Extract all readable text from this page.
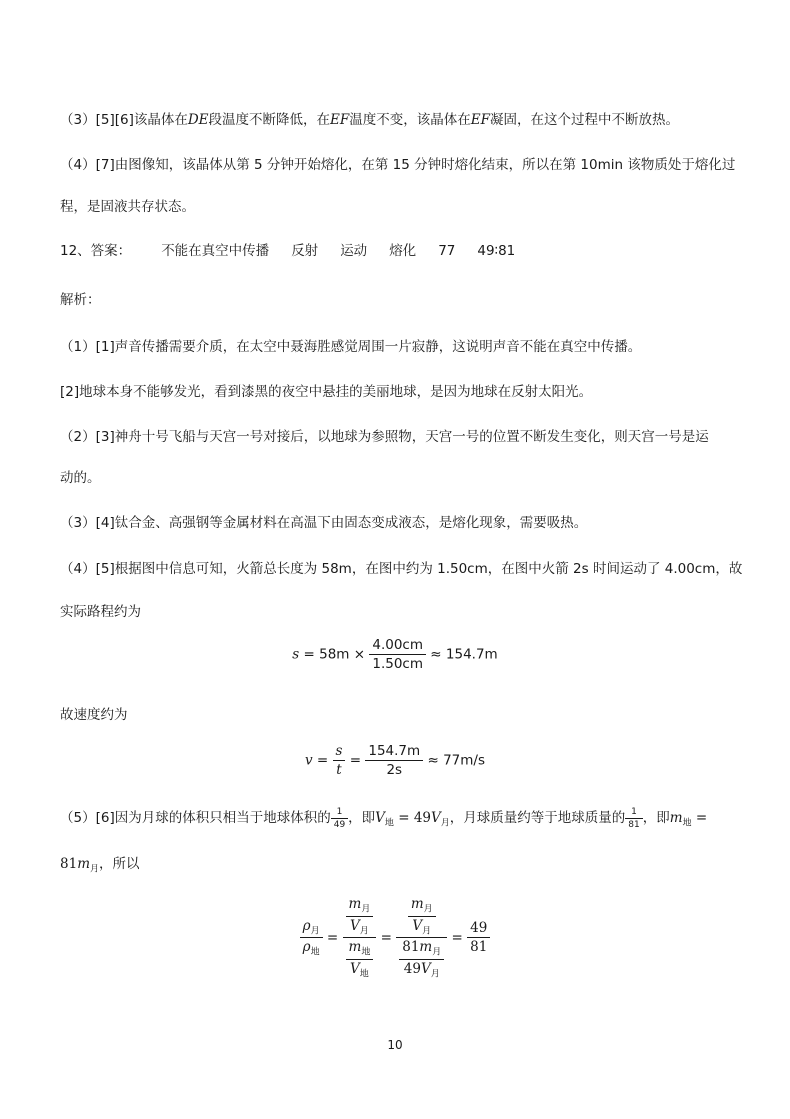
（3）[5][6]该晶体在DE段温度不断降低，在EF温度不变，该晶体在EF凝固，在这个过程中不断放热。
（4）[7]由图像知，该晶体从第 5 分钟开始熔化，在第 15 分钟时熔化结束，所以在第 10min 该物质处于熔化过
程，是固液共存状态。
12、答案： 不能在真空中传播 反射 运动 熔化 77 49∶81
解析：
（1）[1]声音传播需要介质，在太空中聂海胜感觉周围一片寂静，这说明声音不能在真空中传播。
[2]地球本身不能够发光，看到漆黑的夜空中悬挂的美丽地球，是因为地球在反射太阳光。
（2）[3]神舟十号飞船与天宫一号对接后，以地球为参照物，天宫一号的位置不断发生变化，则天宫一号是运
动的。
（3）[4]钛合金、高强钢等金属材料在高温下由固态变成液态，是熔化现象，需要吸热。
（4）[5]根据图中信息可知，火箭总长度为 58m，在图中约为 1.50cm，在图中火箭 2s 时间运动了 4.00cm，故
实际路程约为
$s = 58m \times \frac{4.00cm}{1.50cm} \approx 154.7m$
故速度约为
$v = \frac{s}{t} = \frac{154.7m}{2s} \approx 77m/s$
（5）[6]因为月球的体积只相当于地球体积的 $\frac{1}{49}$ ，即$V_地 = 49V_月$，月球质量约等于地球质量的 $\frac{1}{81}$ ，即$m_地$ =
$81m_月$，所以
$\frac{\rho_月}{\rho_地} = \frac{\frac{m_月}{V_月}}{\frac{m_地}{V_地}} = \frac{\frac{m_月}{V_月}}{\frac{81m_月}{49V_月}} = \frac{49}{81}$
10
